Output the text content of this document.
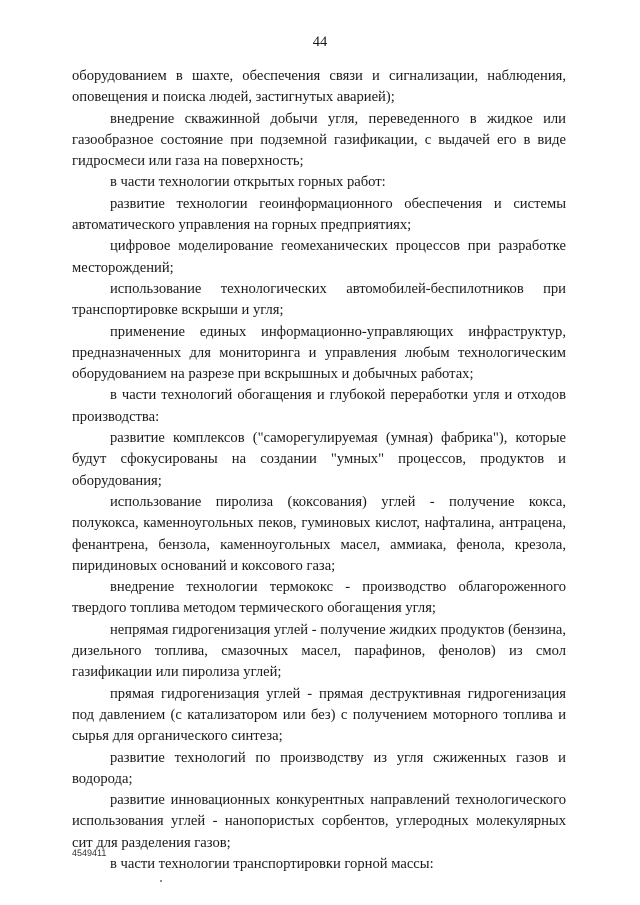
44

оборудованием в шахте, обеспечения связи и сигнализации, наблюдения, оповещения и поиска людей, застигнутых аварией);

внедрение скважинной добычи угля, переведенного в жидкое или газообразное состояние при подземной газификации, с выдачей его в виде гидросмеси или газа на поверхность;

в части технологии открытых горных работ:

развитие технологии геоинформационного обеспечения и системы автоматического управления на горных предприятиях;

цифровое моделирование геомеханических процессов при разработке месторождений;

использование технологических автомобилей-беспилотников при транспортировке вскрыши и угля;

применение единых информационно-управляющих инфраструктур, предназначенных для мониторинга и управления любым технологическим оборудованием на разрезе при вскрышных и добычных работах;

в части технологий обогащения и глубокой переработки угля и отходов производства:

развитие комплексов ("саморегулируемая (умная) фабрика"), которые будут сфокусированы на создании "умных" процессов, продуктов и оборудования;

использование пиролиза (коксования) углей - получение кокса, полукокса, каменноугольных пеков, гуминовых кислот, нафталина, антрацена, фенантрена, бензола, каменноугольных масел, аммиака, фенола, крезола, пиридиновых оснований и коксового газа;

внедрение технологии термококс - производство облагороженного твердого топлива методом термического обогащения угля;

непрямая гидрогенизация углей - получение жидких продуктов (бензина, дизельного топлива, смазочных масел, парафинов, фенолов) из смол газификации или пиролиза углей;

прямая гидрогенизация углей - прямая деструктивная гидрогенизация под давлением (с катализатором или без) с получением моторного топлива и сырья для органического синтеза;

развитие технологий по производству из угля сжиженных газов и водорода;

развитие инновационных конкурентных направлений технологического использования углей - нанопористых сорбентов, углеродных молекулярных сит для разделения газов;

в части технологии транспортировки горной массы:

4549411
